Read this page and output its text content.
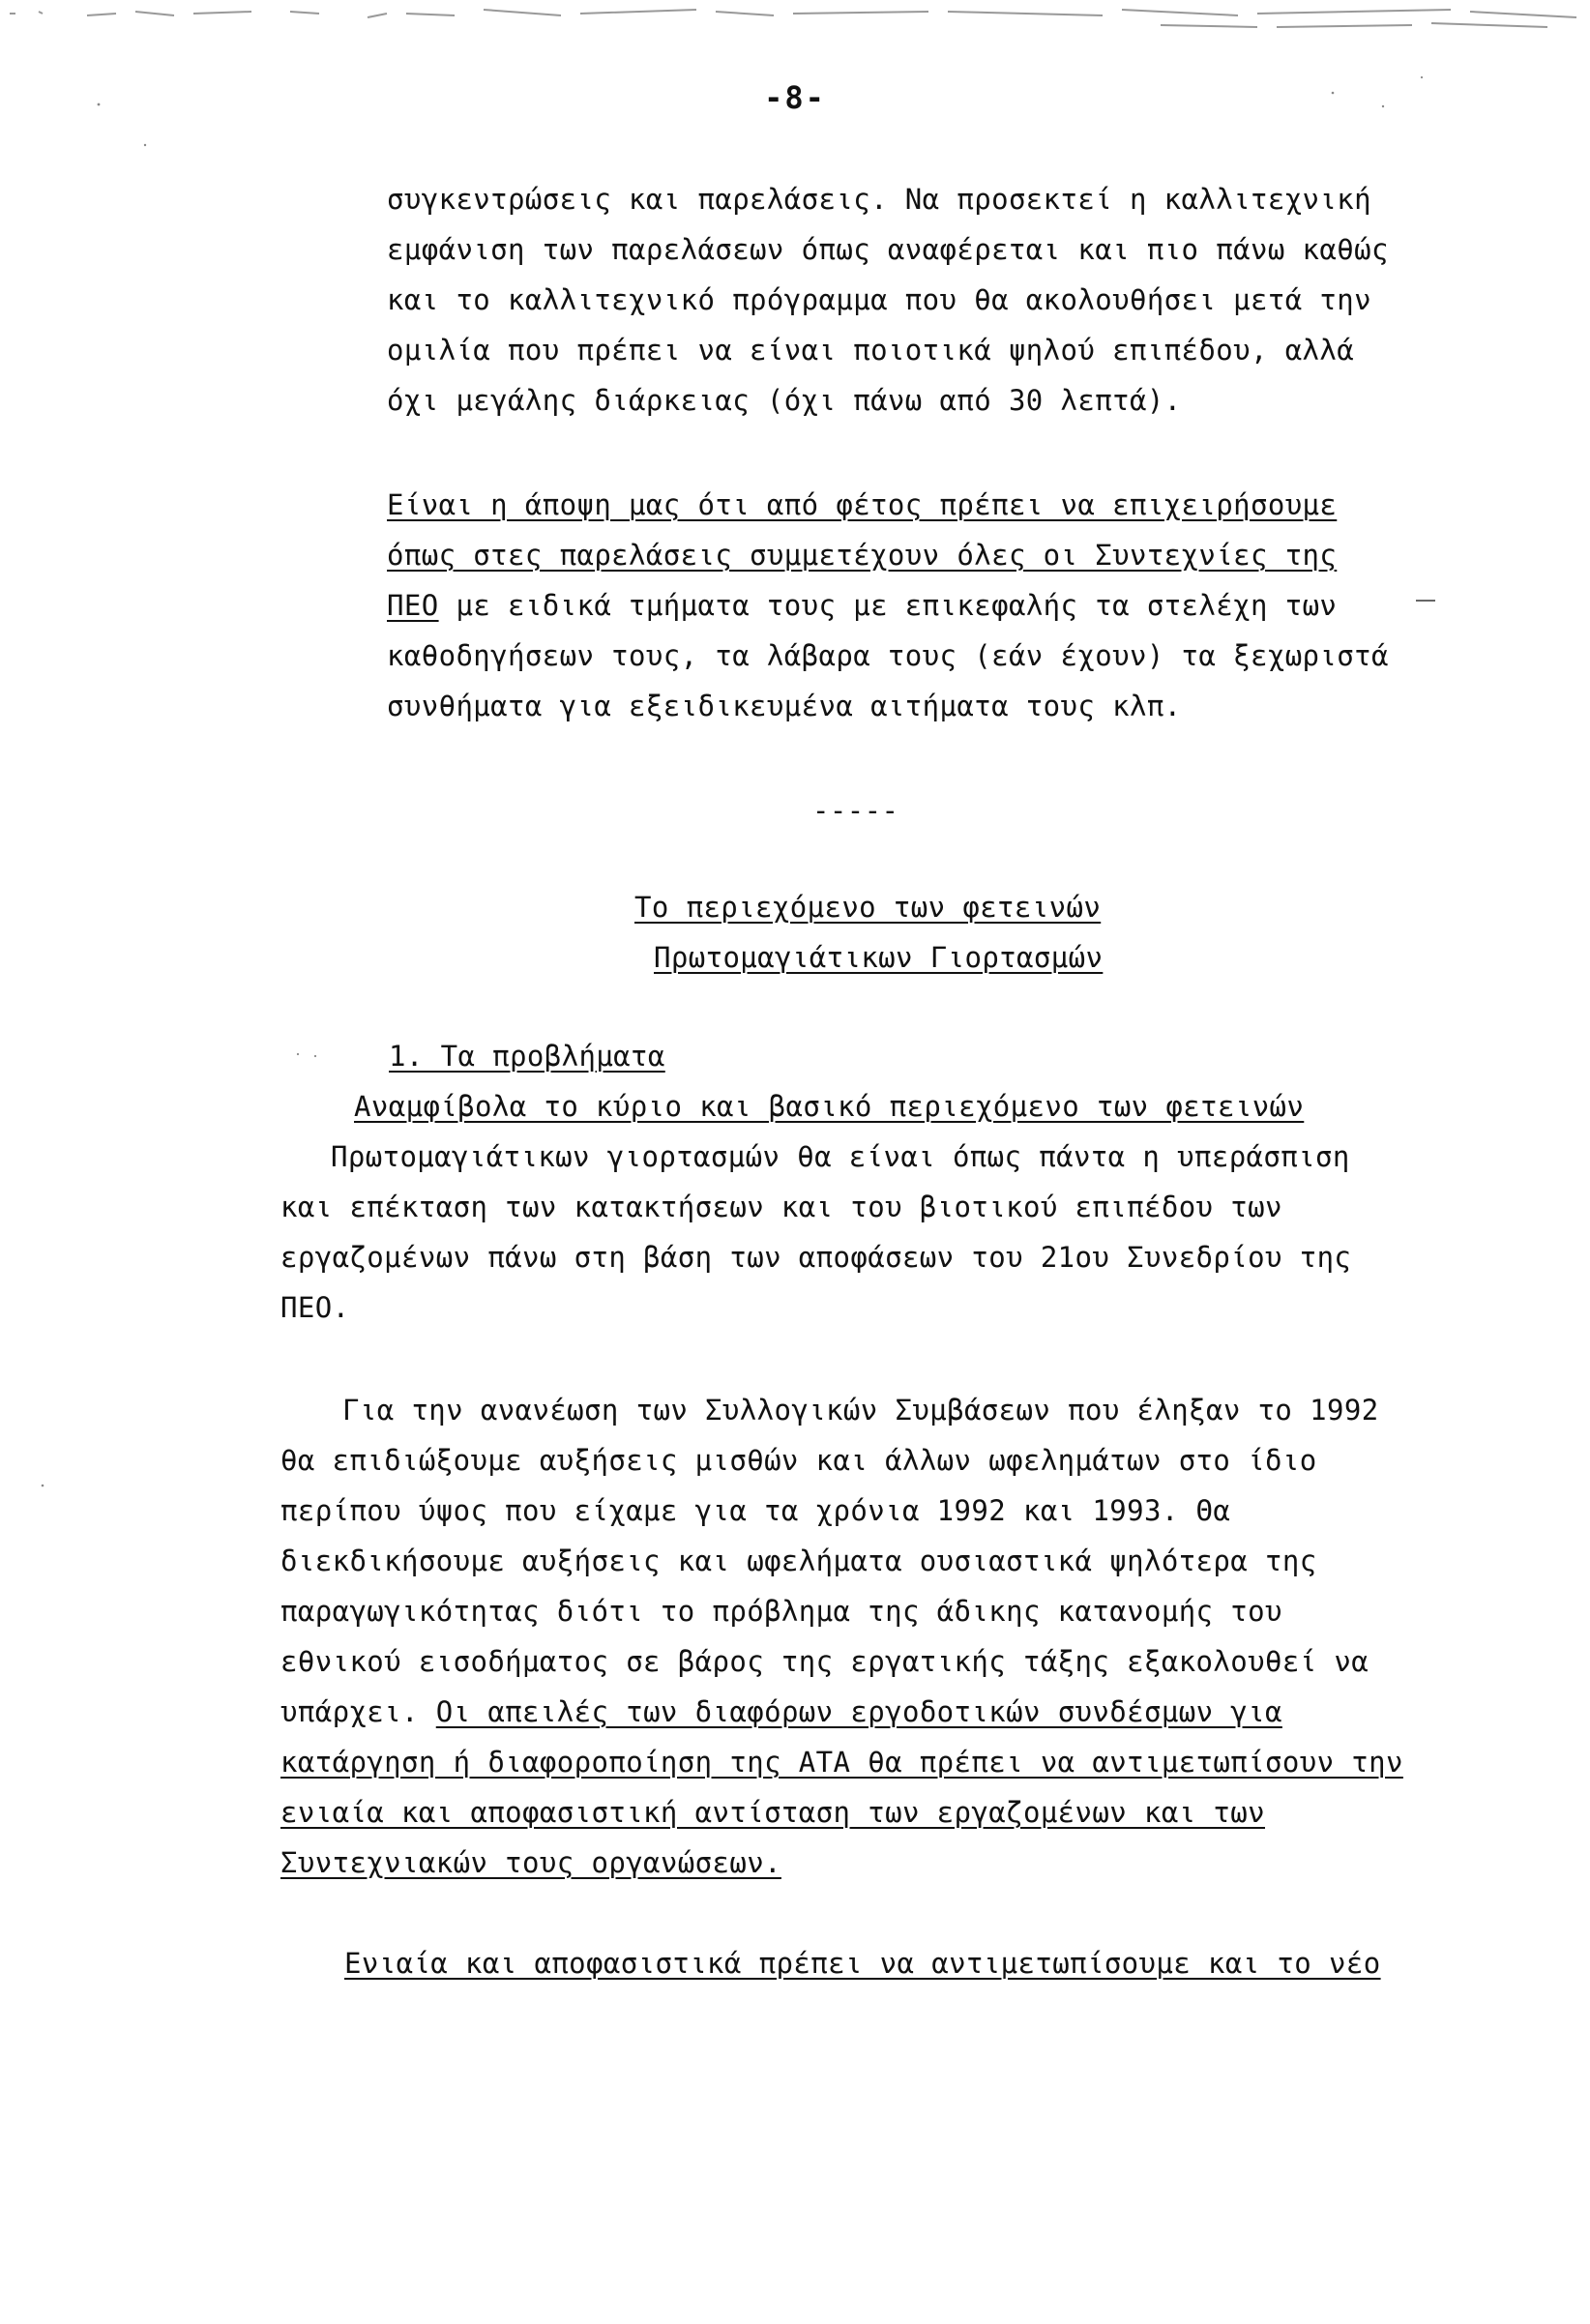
-8-
συγκεντρώσεις και παρελάσεις. Να προσεκτεί η καλλιτεχνική
εμφάνιση των παρελάσεων όπως αναφέρεται και πιο πάνω καθώς
και το καλλιτεχνικό πρόγραμμα που θα ακολουθήσει μετά την
ομιλία που πρέπει να είναι ποιοτικά ψηλού επιπέδου, αλλά
όχι μεγάλης διάρκειας (όχι πάνω από 30 λεπτά).
Είναι η άποψη μας ότι από φέτος πρέπει να επιχειρήσουμε
όπως στες παρελάσεις συμμετέχουν όλες οι Συντεχνίες της
ΠΕΟ με ειδικά τμήματα τους με επικεφαλής τα στελέχη των
καθοδηγήσεων τους, τα λάβαρα τους (εάν έχουν) τα ξεχωριστά
συνθήματα για εξειδικευμένα αιτήματα τους κλπ.
-----
Το περιεχόμενο των φετεινών
Πρωτομαγιάτικων Γιορτασμών
1. Τα προβλήματα
Αναμφίβολα το κύριο και βασικό περιεχόμενο των φετεινών
Πρωτομαγιάτικων γιορτασμών θα είναι όπως πάντα η υπεράσπιση
και επέκταση των κατακτήσεων και του βιοτικού επιπέδου των
εργαζομένων πάνω στη βάση των αποφάσεων του 21ου Συνεδρίου της
ΠΕΟ.
Για την ανανέωση των Συλλογικών Συμβάσεων που έληξαν το 1992
θα επιδιώξουμε αυξήσεις μισθών και άλλων ωφελημάτων στο ίδιο
περίπου ύψος που είχαμε για τα χρόνια 1992 και 1993. Θα
διεκδικήσουμε αυξήσεις και ωφελήματα ουσιαστικά ψηλότερα της
παραγωγικότητας διότι το πρόβλημα της άδικης κατανομής του
εθνικού εισοδήματος σε βάρος της εργατικής τάξης εξακολουθεί να
υπάρχει. Οι απειλές των διαφόρων εργοδοτικών συνδέσμων για
κατάργηση ή διαφοροποίηση της ΑΤΑ θα πρέπει να αντιμετωπίσουν την
ενιαία και αποφασιστική αντίσταση των εργαζομένων και των
Συντεχνιακών τους οργανώσεων.
Ενιαία και αποφασιστικά πρέπει να αντιμετωπίσουμε και το νέο
